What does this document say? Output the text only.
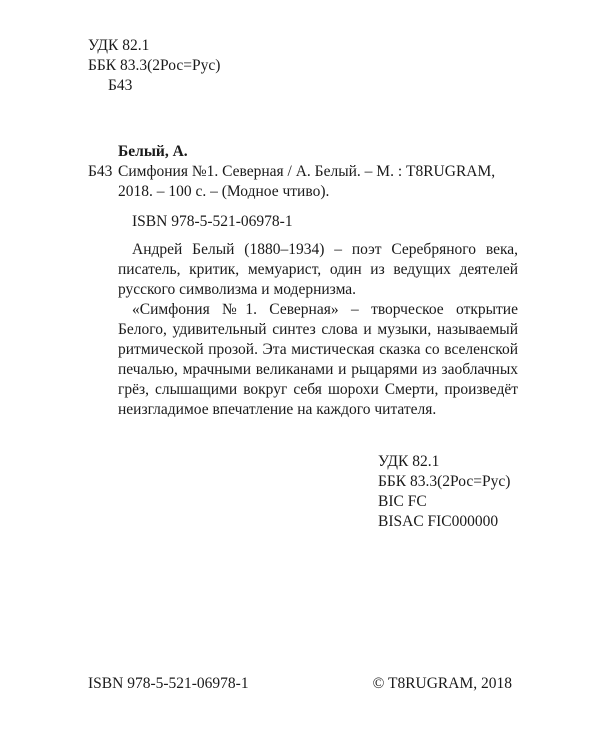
УДК 82.1
ББК 83.3(2Рос=Рус)
Б43
Белый, А.
Б43 Симфония №1. Северная / А. Белый. – М. : T8RUGRAM,
2018. – 100 с. – (Модное чтиво).
ISBN 978-5-521-06978-1

Андрей Белый (1880–1934) – поэт Серебряного века, писатель, критик, мемуарист, один из ведущих деятелей русского символизма и модернизма.

«Симфония №1. Северная» – творческое открытие Белого, удивительный синтез слова и музыки, называемый ритмической прозой. Эта мистическая сказка со вселенской печалью, мрачными великанами и рыцарями из заоблачных грёз, слышащими вокруг себя шорохи Смерти, произведёт неизгладимое впечатление на каждого читателя.

УДК 82.1
ББК 83.3(2Рос=Рус)
BIC FC
BISAC FIC000000
ISBN 978-5-521-06978-1	© T8RUGRAM, 2018
